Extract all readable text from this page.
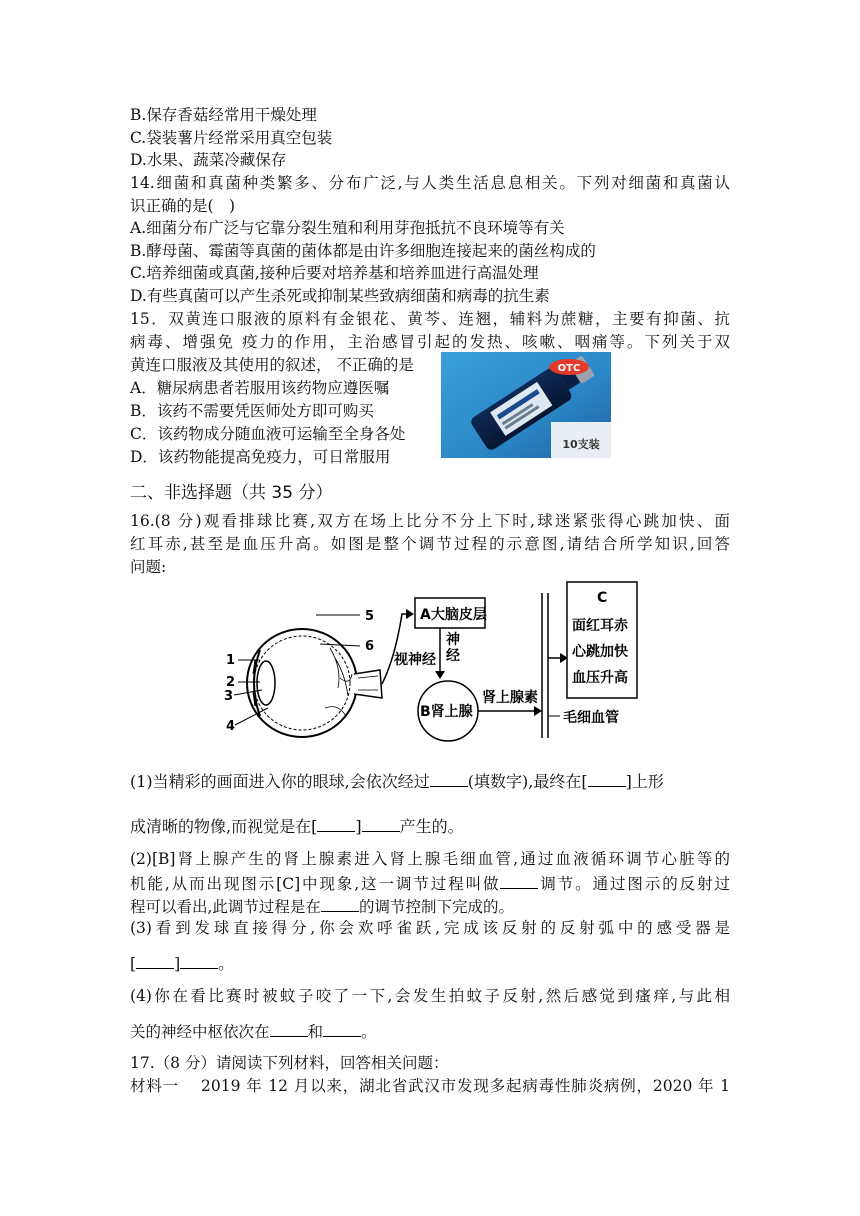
B.保存香菇经常用干燥处理
C.袋装薯片经常采用真空包装
D.水果、蔬菜冷藏保存
14.细菌和真菌种类繁多、分布广泛,与人类生活息息相关。下列对细菌和真菌认
识正确的是(　)
A.细菌分布广泛与它靠分裂生殖和利用芽孢抵抗不良环境等有关
B.酵母菌、霉菌等真菌的菌体都是由许多细胞连接起来的菌丝构成的
C.培养细菌或真菌,接种后要对培养基和培养皿进行高温处理
D.有些真菌可以产生杀死或抑制某些致病细菌和病毒的抗生素
15．双黄连口服液的原料有金银花、黄芩、连翘，辅料为蔗糖，主要有抑菌、抗
病毒、增强免 疫力的作用，主治感冒引起的发热、咳嗽、咽痛等。下列关于双
黄连口服液及其使用的叙述， 不正确的是
A．糖尿病患者若服用该药物应遵医嘱
B．该药不需要凭医师处方即可购买
C．该药物成分随血液可运输至全身各处
D．该药物能提高免疫力，可日常服用
OTC
10支装
二、非选择题（共 35 分）
16.(8 分)观看排球比赛,双方在场上比分不分上下时,球迷紧张得心跳加快、面
红耳赤,甚至是血压升高。如图是整个调节过程的示意图,请结合所学知识,回答
问题:
1
2
3
4
5
6
视神经
A大脑皮层
神
经
B肾上腺
肾上腺素
毛细血管
C
面红耳赤
心跳加快
血压升高
(1)当精彩的画面进入你的眼球,会依次经过 (填数字),最终在[ ]上形
成清晰的物像,而视觉是在[ ] 产生的。
(2)[B]肾上腺产生的肾上腺素进入肾上腺毛细血管,通过血液循环调节心脏等的
机能,从而出现图示[C]中现象,这一调节过程叫做 调节。通过图示的反射过
程可以看出,此调节过程是在 的调节控制下完成的。
(3)看到发球直接得分,你会欢呼雀跃,完成该反射的反射弧中的感受器是
[ ] 。
(4)你在看比赛时被蚊子咬了一下,会发生拍蚊子反射,然后感觉到瘙痒,与此相
关的神经中枢依次在 和 。
17.（8 分）请阅读下列材料，回答相关问题：
材料一　 2019 年 12 月以来，湖北省武汉市发现多起病毒性肺炎病例，2020 年 1
